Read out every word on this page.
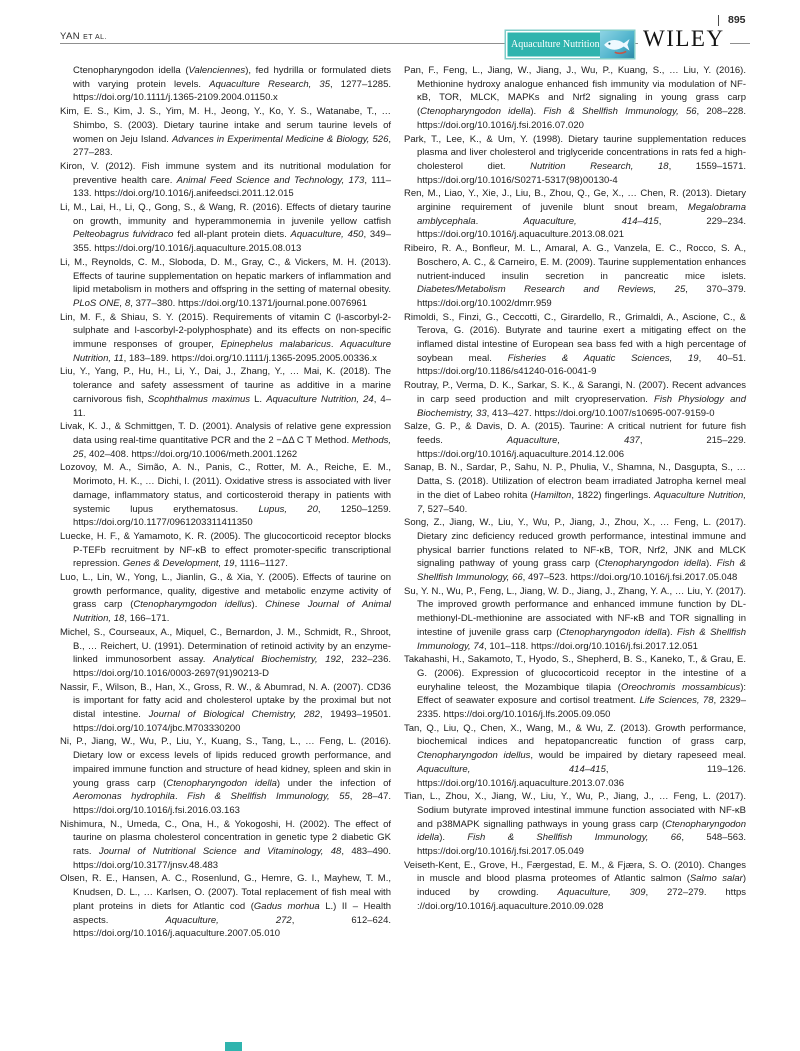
YAN ET AL.
Aquaculture Nutrition WILEY
895

Ctenopharyngodon idella (Valenciennes), fed hydrilla or formulated diets with varying protein levels. Aquaculture Research, 35, 1277–1285. https://doi.org/10.1111/j.1365-2109.2004.01150.x

Kim, E. S., Kim, J. S., Yim, M. H., Jeong, Y., Ko, Y. S., Watanabe, T., … Shimbo, S. (2003). Dietary taurine intake and serum taurine levels of women on Jeju Island. Advances in Experimental Medicine & Biology, 526, 277–283.

Kiron, V. (2012). Fish immune system and its nutritional modulation for preventive health care. Animal Feed Science and Technology, 173, 111–133. https://doi.org/10.1016/j.anifeedsci.2011.12.015

Li, M., Lai, H., Li, Q., Gong, S., & Wang, R. (2016). Effects of dietary taurine on growth, immunity and hyperammonemia in juvenile yellow catfish Pelteobagrus fulvidraco fed all-plant protein diets. Aquaculture, 450, 349–355. https://doi.org/10.1016/j.aquaculture.2015.08.013

Li, M., Reynolds, C. M., Sloboda, D. M., Gray, C., & Vickers, M. H. (2013). Effects of taurine supplementation on hepatic markers of inflammation and lipid metabolism in mothers and offspring in the setting of maternal obesity. PLoS ONE, 8, 377–380. https://doi.org/10.1371/journal.pone.0076961

Lin, M. F., & Shiau, S. Y. (2015). Requirements of vitamin C (l-ascorbyl-2-sulphate and l-ascorbyl-2-polyphosphate) and its effects on non-specific immune responses of grouper, Epinephelus malabaricus. Aquaculture Nutrition, 11, 183–189. https://doi.org/10.1111/j.1365-2095.2005.00336.x

Liu, Y., Yang, P., Hu, H., Li, Y., Dai, J., Zhang, Y., … Mai, K. (2018). The tolerance and safety assessment of taurine as additive in a marine carnivorous fish, Scophthalmus maximus L. Aquaculture Nutrition, 24, 4–11.

Livak, K. J., & Schmittgen, T. D. (2001). Analysis of relative gene expression data using real-time quantitative PCR and the 2 −ΔΔ C T Method. Methods, 25, 402–408. https://doi.org/10.1006/meth.2001.1262

Lozovoy, M. A., Simão, A. N., Panis, C., Rotter, M. A., Reiche, E. M., Morimoto, H. K., … Dichi, I. (2011). Oxidative stress is associated with liver damage, inflammatory status, and corticosteroid therapy in patients with systemic lupus erythematosus. Lupus, 20, 1250–1259. https://doi.org/10.1177/0961203311411350

Luecke, H. F., & Yamamoto, K. R. (2005). The glucocorticoid receptor blocks P-TEFb recruitment by NF-κB to effect promoter-specific transcriptional repression. Genes & Development, 19, 1116–1127.

Luo, L., Lin, W., Yong, L., Jianlin, G., & Xia, Y. (2005). Effects of taurine on growth performance, quality, digestive and metabolic enzyme activity of grass carp (Ctenopharymgodon idellus). Chinese Journal of Animal Nutrition, 18, 166–171.

Michel, S., Courseaux, A., Miquel, C., Bernardon, J. M., Schmidt, R., Shroot, B., … Reichert, U. (1991). Determination of retinoid activity by an enzyme-linked immunosorbent assay. Analytical Biochemistry, 192, 232–236. https://doi.org/10.1016/0003-2697(91)90213-D

Nassir, F., Wilson, B., Han, X., Gross, R. W., & Abumrad, N. A. (2007). CD36 is important for fatty acid and cholesterol uptake by the proximal but not distal intestine. Journal of Biological Chemistry, 282, 19493–19501. https://doi.org/10.1074/jbc.M703330200

Ni, P., Jiang, W., Wu, P., Liu, Y., Kuang, S., Tang, L., … Feng, L. (2016). Dietary low or excess levels of lipids reduced growth performance, and impaired immune function and structure of head kidney, spleen and skin in young grass carp (Ctenopharyngodon idella) under the infection of Aeromonas hydrophila. Fish & Shellfish Immunology, 55, 28–47. https://doi.org/10.1016/j.fsi.2016.03.163

Nishimura, N., Umeda, C., Ona, H., & Yokogoshi, H. (2002). The effect of taurine on plasma cholesterol concentration in genetic type 2 diabetic GK rats. Journal of Nutritional Science and Vitaminology, 48, 483–490. https://doi.org/10.3177/jnsv.48.483

Olsen, R. E., Hansen, A. C., Rosenlund, G., Hemre, G. I., Mayhew, T. M., Knudsen, D. L., … Karlsen, O. (2007). Total replacement of fish meal with plant proteins in diets for Atlantic cod (Gadus morhua L.) II – Health aspects. Aquaculture, 272, 612–624. https://doi.org/10.1016/j.aquaculture.2007.05.010

Pan, F., Feng, L., Jiang, W., Jiang, J., Wu, P., Kuang, S., … Liu, Y. (2016). Methionine hydroxy analogue enhanced fish immunity via modulation of NF-κB, TOR, MLCK, MAPKs and Nrf2 signaling in young grass carp (Ctenopharyngodon idella). Fish & Shellfish Immunology, 56, 208–228. https://doi.org/10.1016/j.fsi.2016.07.020

Park, T., Lee, K., & Um, Y. (1998). Dietary taurine supplementation reduces plasma and liver cholesterol and triglyceride concentrations in rats fed a high-cholesterol diet. Nutrition Research, 18, 1559–1571. https://doi.org/10.1016/S0271-5317(98)00130-4

Ren, M., Liao, Y., Xie, J., Liu, B., Zhou, Q., Ge, X., … Chen, R. (2013). Dietary arginine requirement of juvenile blunt snout bream, Megalobrama amblycephala. Aquaculture, 414–415, 229–234. https://doi.org/10.1016/j.aquaculture.2013.08.021

Ribeiro, R. A., Bonfleur, M. L., Amaral, A. G., Vanzela, E. C., Rocco, S. A., Boschero, A. C., & Carneiro, E. M. (2009). Taurine supplementation enhances nutrient-induced insulin secretion in pancreatic mice islets. Diabetes/Metabolism Research and Reviews, 25, 370–379. https://doi.org/10.1002/dmrr.959

Rimoldi, S., Finzi, G., Ceccotti, C., Girardello, R., Grimaldi, A., Ascione, C., & Terova, G. (2016). Butyrate and taurine exert a mitigating effect on the inflamed distal intestine of European sea bass fed with a high percentage of soybean meal. Fisheries & Aquatic Sciences, 19, 40–51. https://doi.org/10.1186/s41240-016-0041-9

Routray, P., Verma, D. K., Sarkar, S. K., & Sarangi, N. (2007). Recent advances in carp seed production and milt cryopreservation. Fish Physiology and Biochemistry, 33, 413–427. https://doi.org/10.1007/s10695-007-9159-0

Salze, G. P., & Davis, D. A. (2015). Taurine: A critical nutrient for future fish feeds. Aquaculture, 437, 215–229. https://doi.org/10.1016/j.aquaculture.2014.12.006

Sanap, B. N., Sardar, P., Sahu, N. P., Phulia, V., Shamna, N., Dasgupta, S., … Datta, S. (2018). Utilization of electron beam irradiated Jatropha kernel meal in the diet of Labeo rohita (Hamilton, 1822) fingerlings. Aquaculture Nutrition, 7, 527–540.

Song, Z., Jiang, W., Liu, Y., Wu, P., Jiang, J., Zhou, X., … Feng, L. (2017). Dietary zinc deficiency reduced growth performance, intestinal immune and physical barrier functions related to NF-κB, TOR, Nrf2, JNK and MLCK signaling pathway of young grass carp (Ctenopharyngodon idella). Fish & Shellfish Immunology, 66, 497–523. https://doi.org/10.1016/j.fsi.2017.05.048

Su, Y. N., Wu, P., Feng, L., Jiang, W. D., Jiang, J., Zhang, Y. A., … Liu, Y. (2017). The improved growth performance and enhanced immune function by DL-methionyl-DL-methionine are associated with NF-κB and TOR signalling in intestine of juvenile grass carp (Ctenopharyngodon idella). Fish & Shellfish Immunology, 74, 101–118. https://doi.org/10.1016/j.fsi.2017.12.051

Takahashi, H., Sakamoto, T., Hyodo, S., Shepherd, B. S., Kaneko, T., & Grau, E. G. (2006). Expression of glucocorticoid receptor in the intestine of a euryhaline teleost, the Mozambique tilapia (Oreochromis mossambicus): Effect of seawater exposure and cortisol treatment. Life Sciences, 78, 2329–2335. https://doi.org/10.1016/j.lfs.2005.09.050

Tan, Q., Liu, Q., Chen, X., Wang, M., & Wu, Z. (2013). Growth performance, biochemical indices and hepatopancreatic function of grass carp, Ctenopharyngodon idellus, would be impaired by dietary rapeseed meal. Aquaculture, 414–415, 119–126. https://doi.org/10.1016/j.aquaculture.2013.07.036

Tian, L., Zhou, X., Jiang, W., Liu, Y., Wu, P., Jiang, J., … Feng, L. (2017). Sodium butyrate improved intestinal immune function associated with NF-κB and p38MAPK signalling pathways in young grass carp (Ctenopharyngodon idella). Fish & Shellfish Immunology, 66, 548–563. https://doi.org/10.1016/j.fsi.2017.05.049

Veiseth-Kent, E., Grove, H., Færgestad, E. M., & Fjæra, S. O. (2010). Changes in muscle and blood plasma proteomes of Atlantic salmon (Salmo salar) induced by crowding. Aquaculture, 309, 272–279. https ://doi.org/10.1016/j.aquaculture.2010.09.028
